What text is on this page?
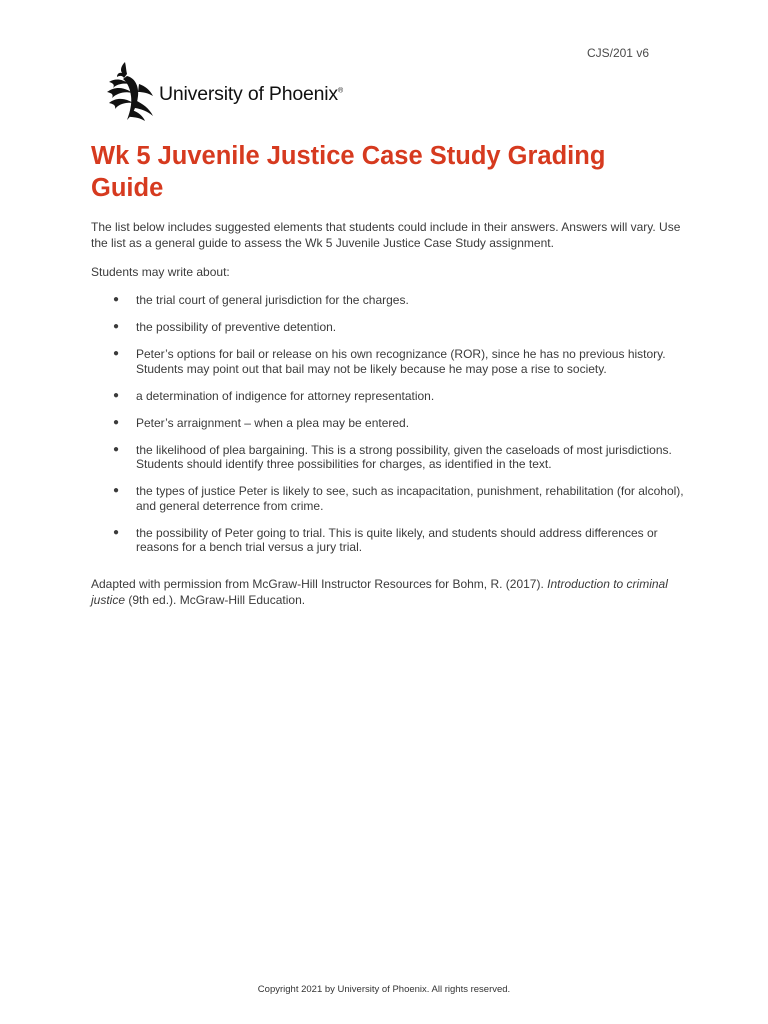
CJS/201 v6
University of Phoenix®
Wk 5 Juvenile Justice Case Study Grading Guide

The list below includes suggested elements that students could include in their answers. Answers will vary. Use the list as a general guide to assess the Wk 5 Juvenile Justice Case Study assignment.

Students may write about:

● the trial court of general jurisdiction for the charges.
● the possibility of preventive detention.
● Peter’s options for bail or release on his own recognizance (ROR), since he has no previous history. Students may point out that bail may not be likely because he may pose a rise to society.
● a determination of indigence for attorney representation.
● Peter’s arraignment – when a plea may be entered.
● the likelihood of plea bargaining. This is a strong possibility, given the caseloads of most jurisdictions. Students should identify three possibilities for charges, as identified in the text.
● the types of justice Peter is likely to see, such as incapacitation, punishment, rehabilitation (for alcohol), and general deterrence from crime.
● the possibility of Peter going to trial. This is quite likely, and students should address differences or reasons for a bench trial versus a jury trial.

Adapted with permission from McGraw-Hill Instructor Resources for Bohm, R. (2017). Introduction to criminal justice (9th ed.). McGraw-Hill Education.

Copyright 2021 by University of Phoenix. All rights reserved.
